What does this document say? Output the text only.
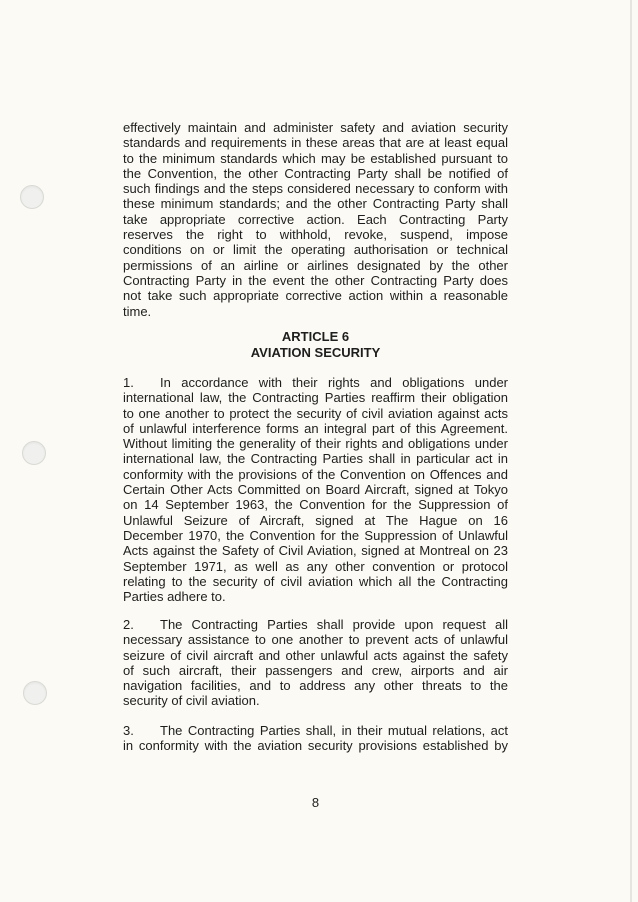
effectively maintain and administer safety and aviation security
standards and requirements in these areas that are at least equal
to the minimum standards which may be established pursuant to
the Convention, the other Contracting Party shall be notified of
such findings and the steps considered necessary to conform with
these minimum standards; and the other Contracting Party shall
take appropriate corrective action. Each Contracting Party
reserves the right to withhold, revoke, suspend, impose
conditions on or limit the operating authorisation or technical
permissions of an airline or airlines designated by the other
Contracting Party in the event the other Contracting Party does
not take such appropriate corrective action within a reasonable
time.
ARTICLE 6
AVIATION SECURITY
1.	In accordance with their rights and obligations under
international law, the Contracting Parties reaffirm their obligation
to one another to protect the security of civil aviation against acts
of unlawful interference forms an integral part of this Agreement.
Without limiting the generality of their rights and obligations under
international law, the Contracting Parties shall in particular act in
conformity with the provisions of the Convention on Offences and
Certain Other Acts Committed on Board Aircraft, signed at Tokyo
on 14 September 1963, the Convention for the Suppression of
Unlawful Seizure of Aircraft, signed at The Hague on 16
December 1970, the Convention for the Suppression of Unlawful
Acts against the Safety of Civil Aviation, signed at Montreal on 23
September 1971, as well as any other convention or protocol
relating to the security of civil aviation which all the Contracting
Parties adhere to.
2.	The Contracting Parties shall provide upon request all
necessary assistance to one another to prevent acts of unlawful
seizure of civil aircraft and other unlawful acts against the safety
of such aircraft, their passengers and crew, airports and air
navigation facilities, and to address any other threats to the
security of civil aviation.
3.	The Contracting Parties shall, in their mutual relations, act
in conformity with the aviation security provisions established by
8
